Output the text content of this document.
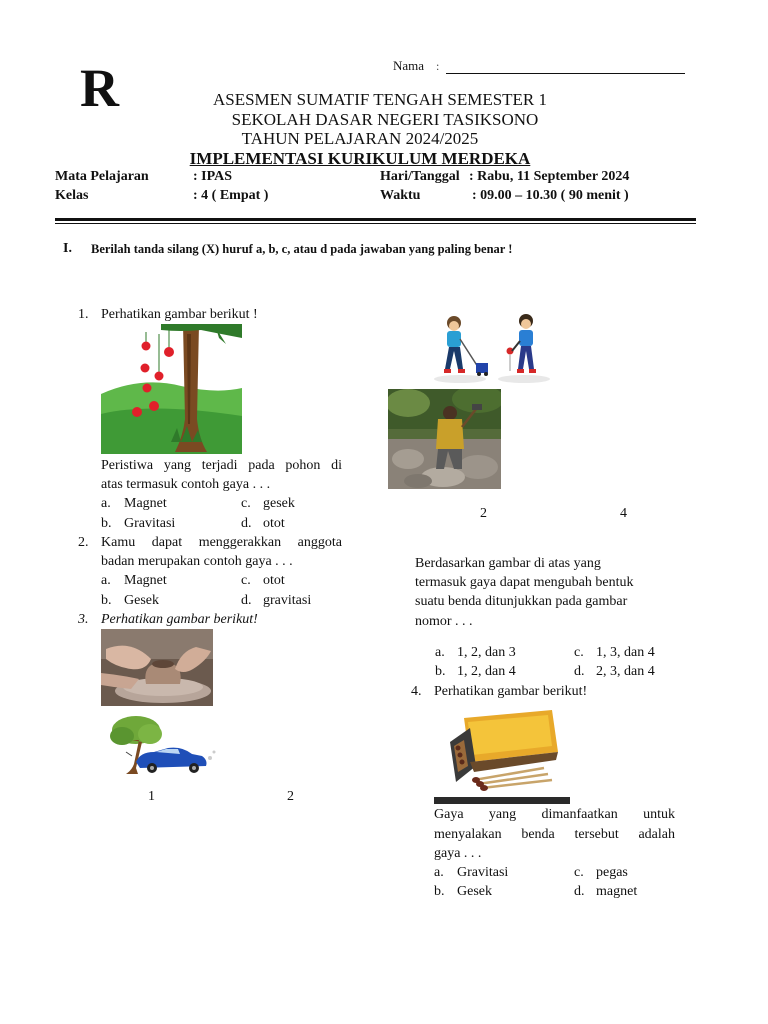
R	Nama :
ASESMEN SUMATIF TENGAH SEMESTER 1
SEKOLAH DASAR NEGERI TASIKSONO
TAHUN PELAJARAN 2024/2025
IMPLEMENTASI KURIKULUM MERDEKA
Mata Pelajaran	: IPAS	Hari/Tanggal : Rabu, 11 September 2024
Kelas	: 4 ( Empat )	Waktu	: 09.00 – 10.30 ( 90 menit )
I. Berilah tanda silang (X) huruf a, b, c, atau d pada jawaban yang paling benar !
1. Perhatikan gambar berikut !
Peristiwa yang terjadi pada pohon di
atas termasuk contoh gaya . . .
a. Magnet	c. gesek
b. Gravitasi	d. otot
2. Kamu dapat menggerakkan anggota
badan merupakan contoh gaya . . .
a. Magnet	c. otot
b. Gesek	d. gravitasi
3. Perhatikan gambar berikut!
1	2
2	4
Berdasarkan gambar di atas yang
termasuk gaya dapat mengubah bentuk
suatu benda ditunjukkan pada gambar
nomor . . .
a. 1, 2, dan 3	c. 1, 3, dan 4
b. 1, 2, dan 4	d. 2, 3, dan 4
4. Perhatikan gambar berikut!
Gaya yang dimanfaatkan untuk
menyalakan benda tersebut adalah
gaya . . .
a. Gravitasi	c. pegas
b. Gesek	d. magnet
